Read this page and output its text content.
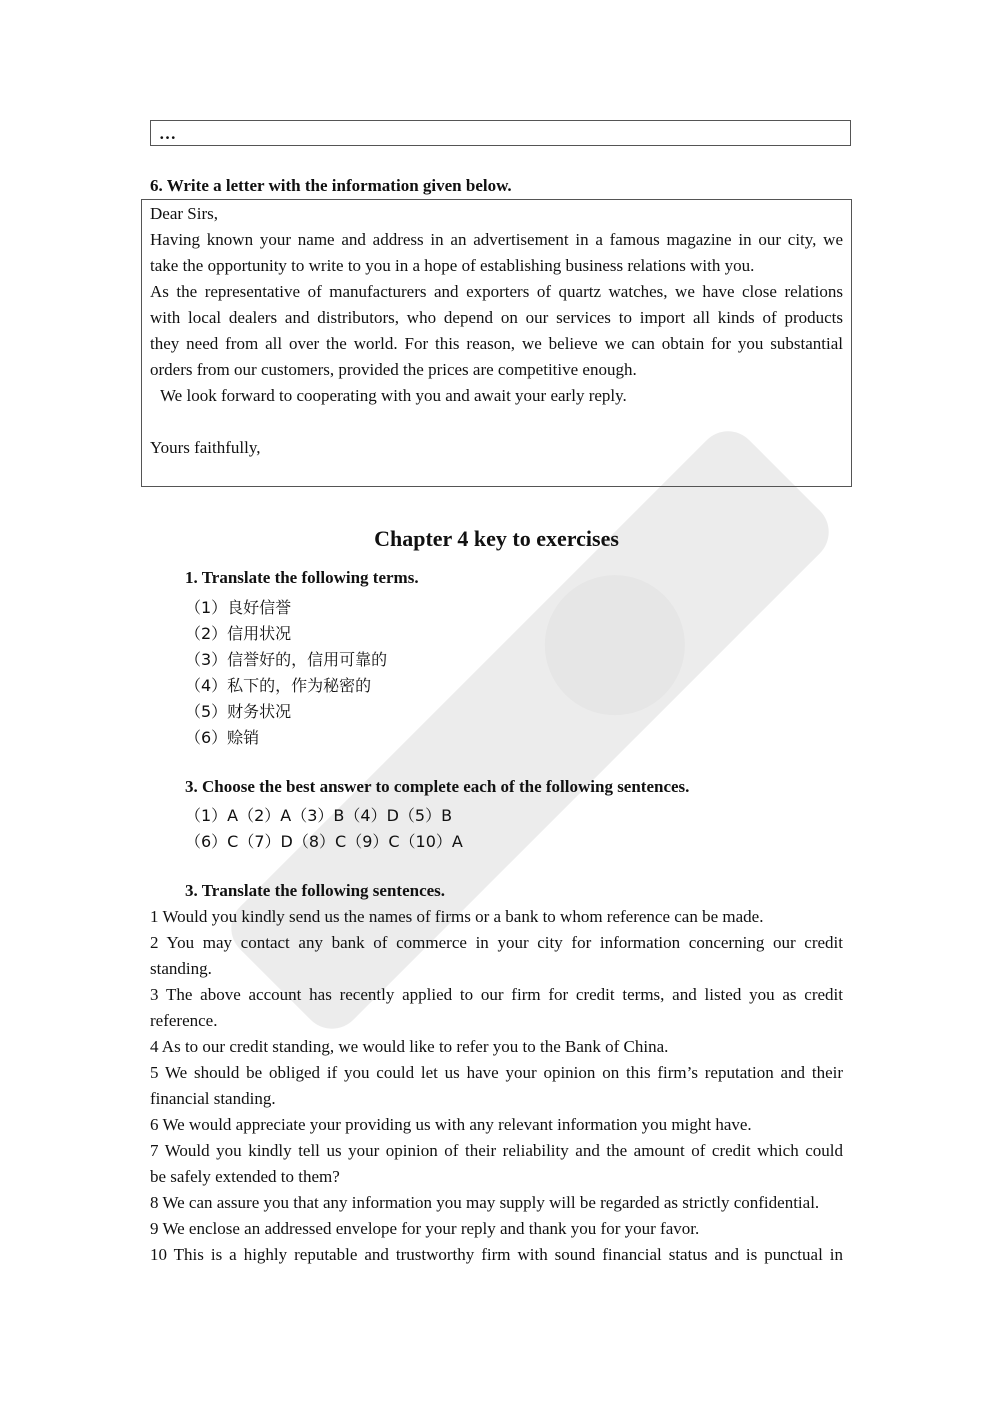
…
6. Write a letter with the information given below.
Dear Sirs,
Having known your name and address in an advertisement in a famous magazine in our city, we
take the opportunity to write to you in a hope of establishing business relations with you.
As the representative of manufacturers and exporters of quartz watches, we have close relations
with local dealers and distributors, who depend on our services to import all kinds of products
they need from all over the world. For this reason, we believe we can obtain for you substantial
orders from our customers, provided the prices are competitive enough.
We look forward to cooperating with you and await your early reply.
Yours faithfully,
Chapter 4 key to exercises
1. Translate the following terms.
（1）良好信誉
（2）信用状况
（3）信誉好的，信用可靠的
（4）私下的，作为秘密的
（5）财务状况
（6）赊销
3. Choose the best answer to complete each of the following sentences.
（1）A（2）A（3）B（4）D（5）B
（6）C（7）D（8）C（9）C（10）A
3. Translate the following sentences.
1 Would you kindly send us the names of firms or a bank to whom reference can be made.
2 You may contact any bank of commerce in your city for information concerning our credit
standing.
3 The above account has recently applied to our firm for credit terms, and listed you as credit
reference.
4 As to our credit standing, we would like to refer you to the Bank of China.
5 We should be obliged if you could let us have your opinion on this firm’s reputation and their
financial standing.
6 We would appreciate your providing us with any relevant information you might have.
7 Would you kindly tell us your opinion of their reliability and the amount of credit which could
be safely extended to them?
8 We can assure you that any information you may supply will be regarded as strictly confidential.
9 We enclose an addressed envelope for your reply and thank you for your favor.
10 This is a highly reputable and trustworthy firm with sound financial status and is punctual in
